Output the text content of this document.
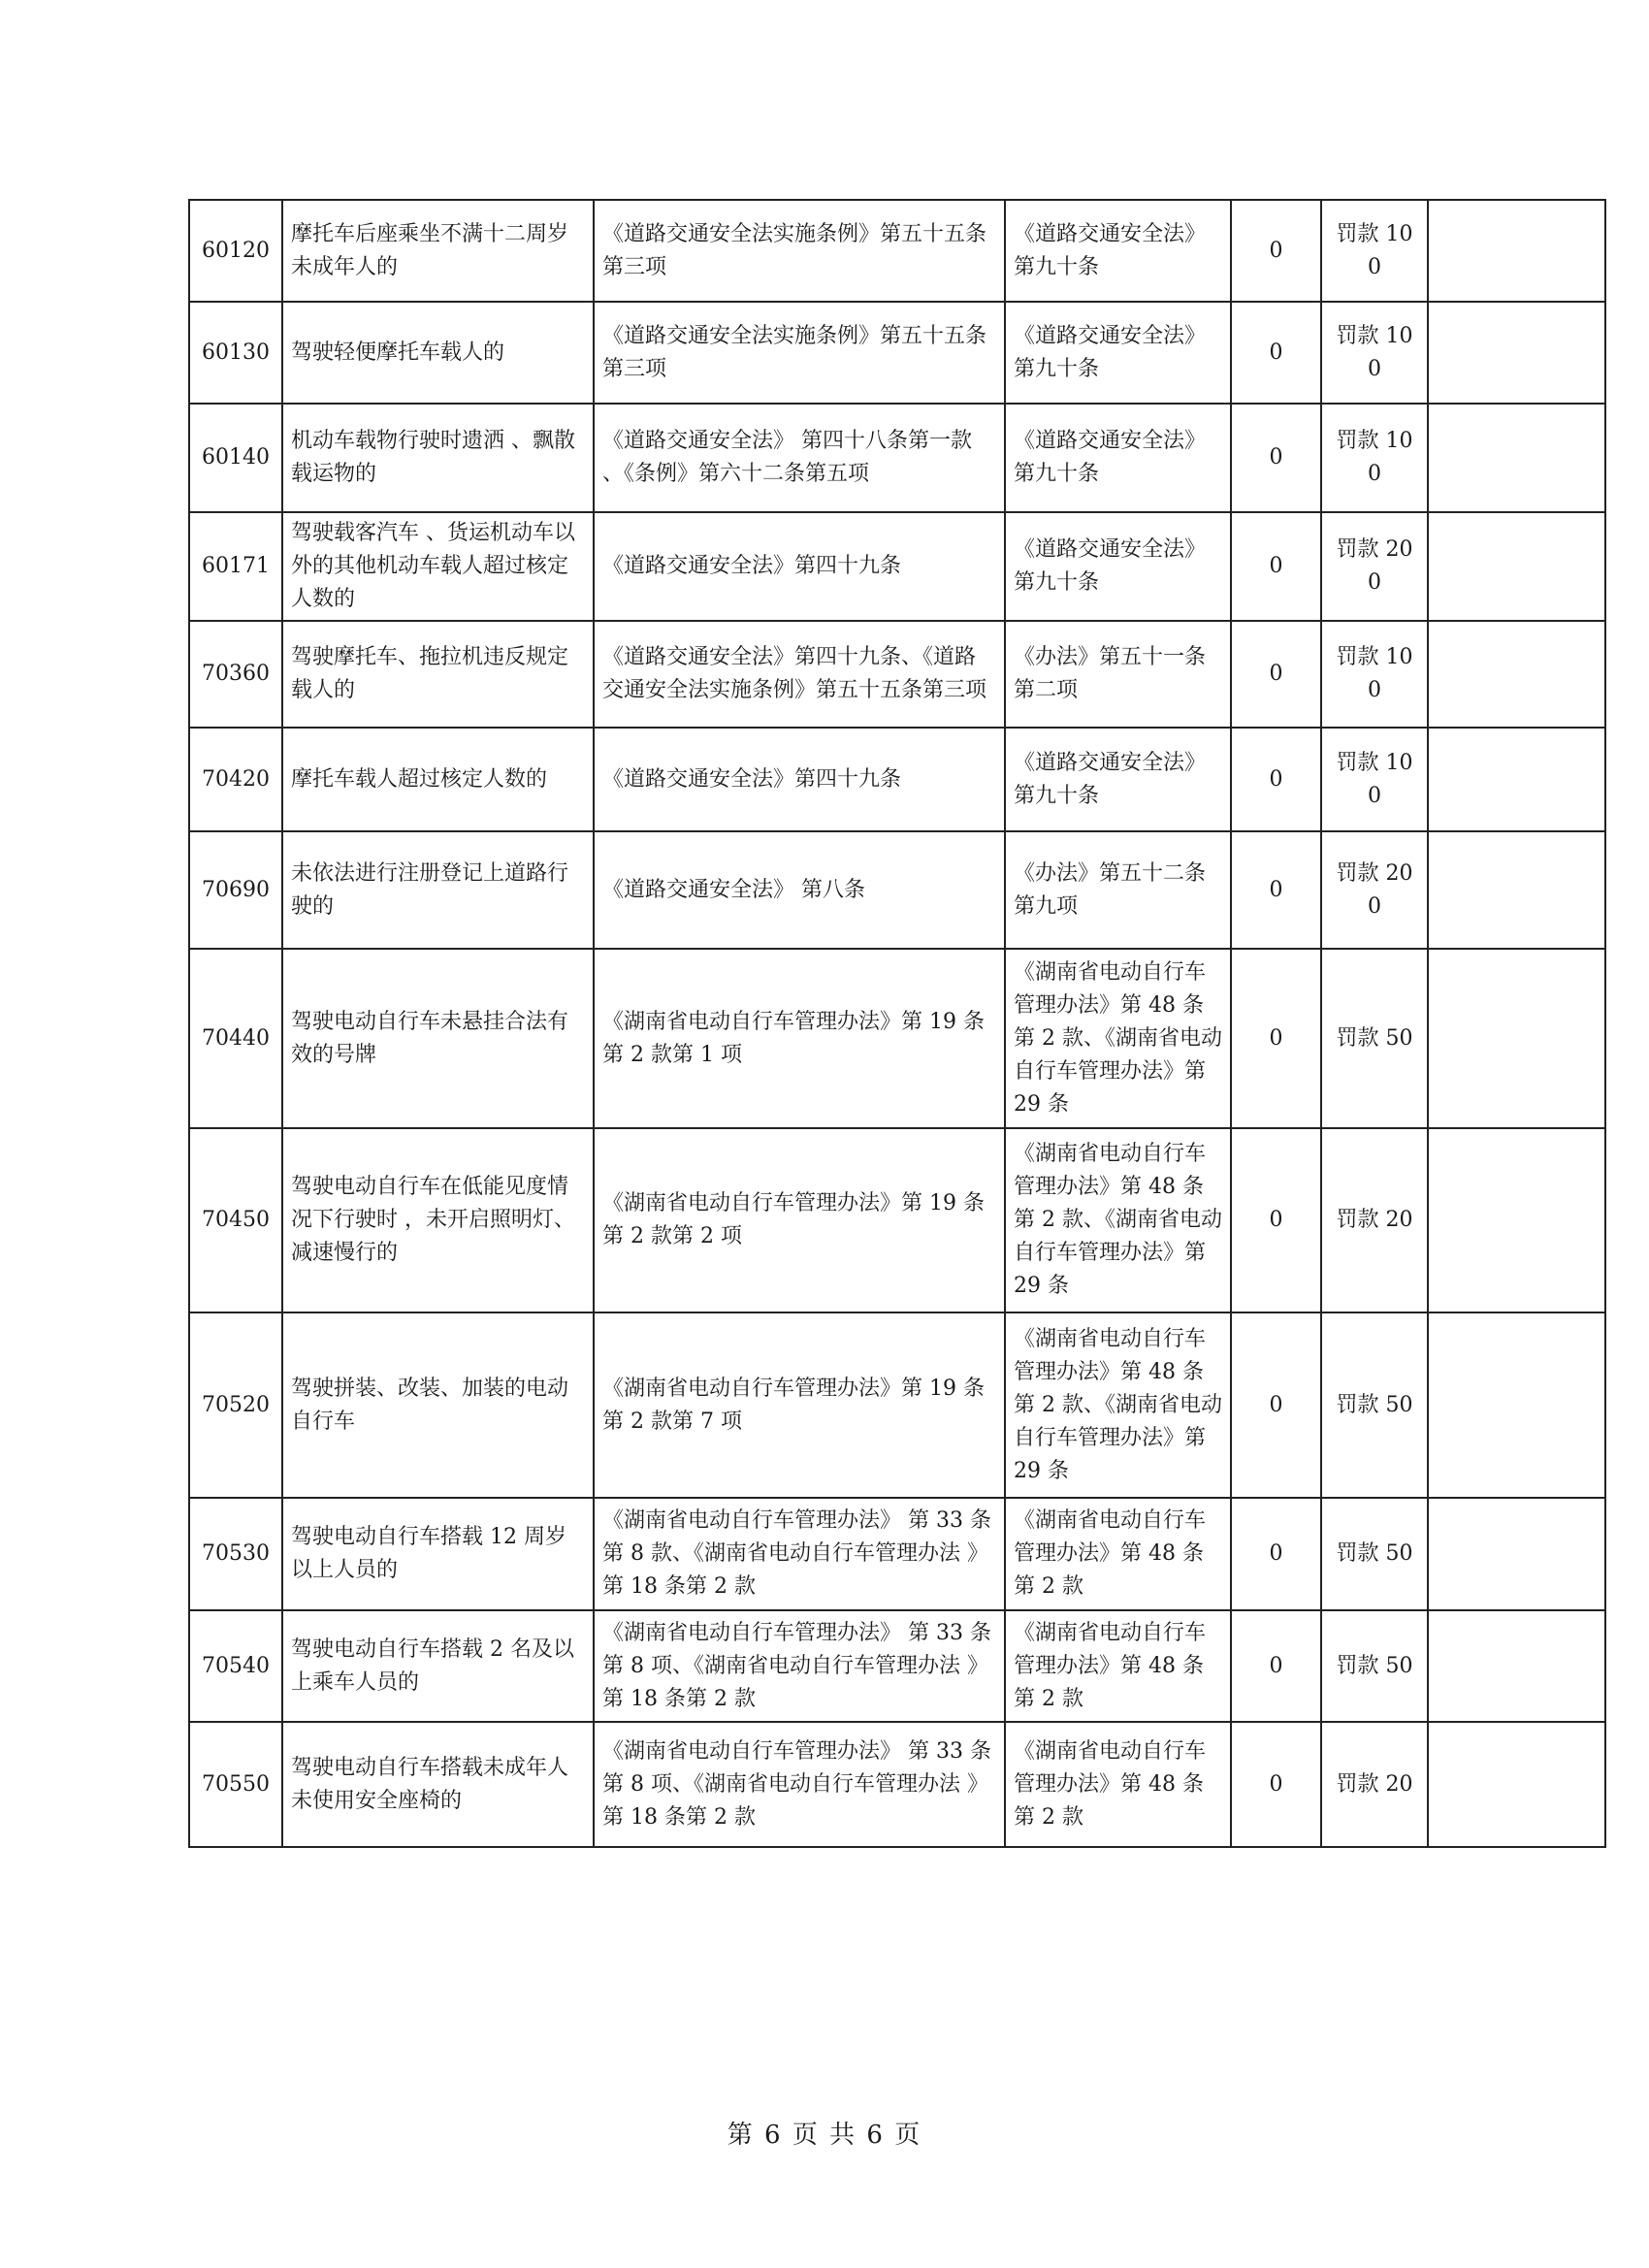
60120	摩托车后座乘坐不满十二周岁未成年人的	《道路交通安全法实施条例》第五十五条第三项	《道路交通安全法》第九十条	0	罚款 100	
60130	驾驶轻便摩托车载人的	《道路交通安全法实施条例》第五十五条第三项	《道路交通安全法》第九十条	0	罚款 100	
60140	机动车载物行驶时遗洒 、飘散载运物的	《道路交通安全法》 第四十八条第一款 、《条例》第六十二条第五项	《道路交通安全法》第九十条	0	罚款 100	
60171	驾驶载客汽车 、货运机动车以外的其他机动车载人超过核定人数的	《道路交通安全法》第四十九条	《道路交通安全法》第九十条	0	罚款 200	
70360	驾驶摩托车、拖拉机违反规定载人的	《道路交通安全法》第四十九条、《道路交通安全法实施条例》第五十五条第三项	《办法》第五十一条第二项	0	罚款 100	
70420	摩托车载人超过核定人数的	《道路交通安全法》第四十九条	《道路交通安全法》第九十条	0	罚款 100	
70690	未依法进行注册登记上道路行驶的	《道路交通安全法》 第八条	《办法》第五十二条第九项	0	罚款 200	
70440	驾驶电动自行车未悬挂合法有效的号牌	《湖南省电动自行车管理办法》第 19 条第 2 款第 1 项	《湖南省电动自行车管理办法》第 48 条第 2 款、《湖南省电动自行车管理办法》第 29 条	0	罚款 50	
70450	驾驶电动自行车在低能见度情况下行驶时 ，未开启照明灯、 减速慢行的	《湖南省电动自行车管理办法》第 19 条第 2 款第 2 项	《湖南省电动自行车管理办法》第 48 条第 2 款、《湖南省电动自行车管理办法》第 29 条	0	罚款 20	
70520	驾驶拼装、改装、加装的电动自行车	《湖南省电动自行车管理办法》第 19 条第 2 款第 7 项	《湖南省电动自行车管理办法》第 48 条第 2 款、《湖南省电动自行车管理办法》第 29 条	0	罚款 50	
70530	驾驶电动自行车搭载 12 周岁以上人员的	《湖南省电动自行车管理办法》 第 33 条第 8 款、《湖南省电动自行车管理办法 》第 18 条第 2 款	《湖南省电动自行车管理办法》第 48 条第 2 款	0	罚款 50	
70540	驾驶电动自行车搭载 2 名及以上乘车人员的	《湖南省电动自行车管理办法》 第 33 条第 8 项、《湖南省电动自行车管理办法 》第 18 条第 2 款	《湖南省电动自行车管理办法》第 48 条第 2 款	0	罚款 50	
70550	驾驶电动自行车搭载未成年人未使用安全座椅的	《湖南省电动自行车管理办法》 第 33 条第 8 项、《湖南省电动自行车管理办法 》第 18 条第 2 款	《湖南省电动自行车管理办法》第 48 条第 2 款	0	罚款 20	
第 6 页 共 6 页
